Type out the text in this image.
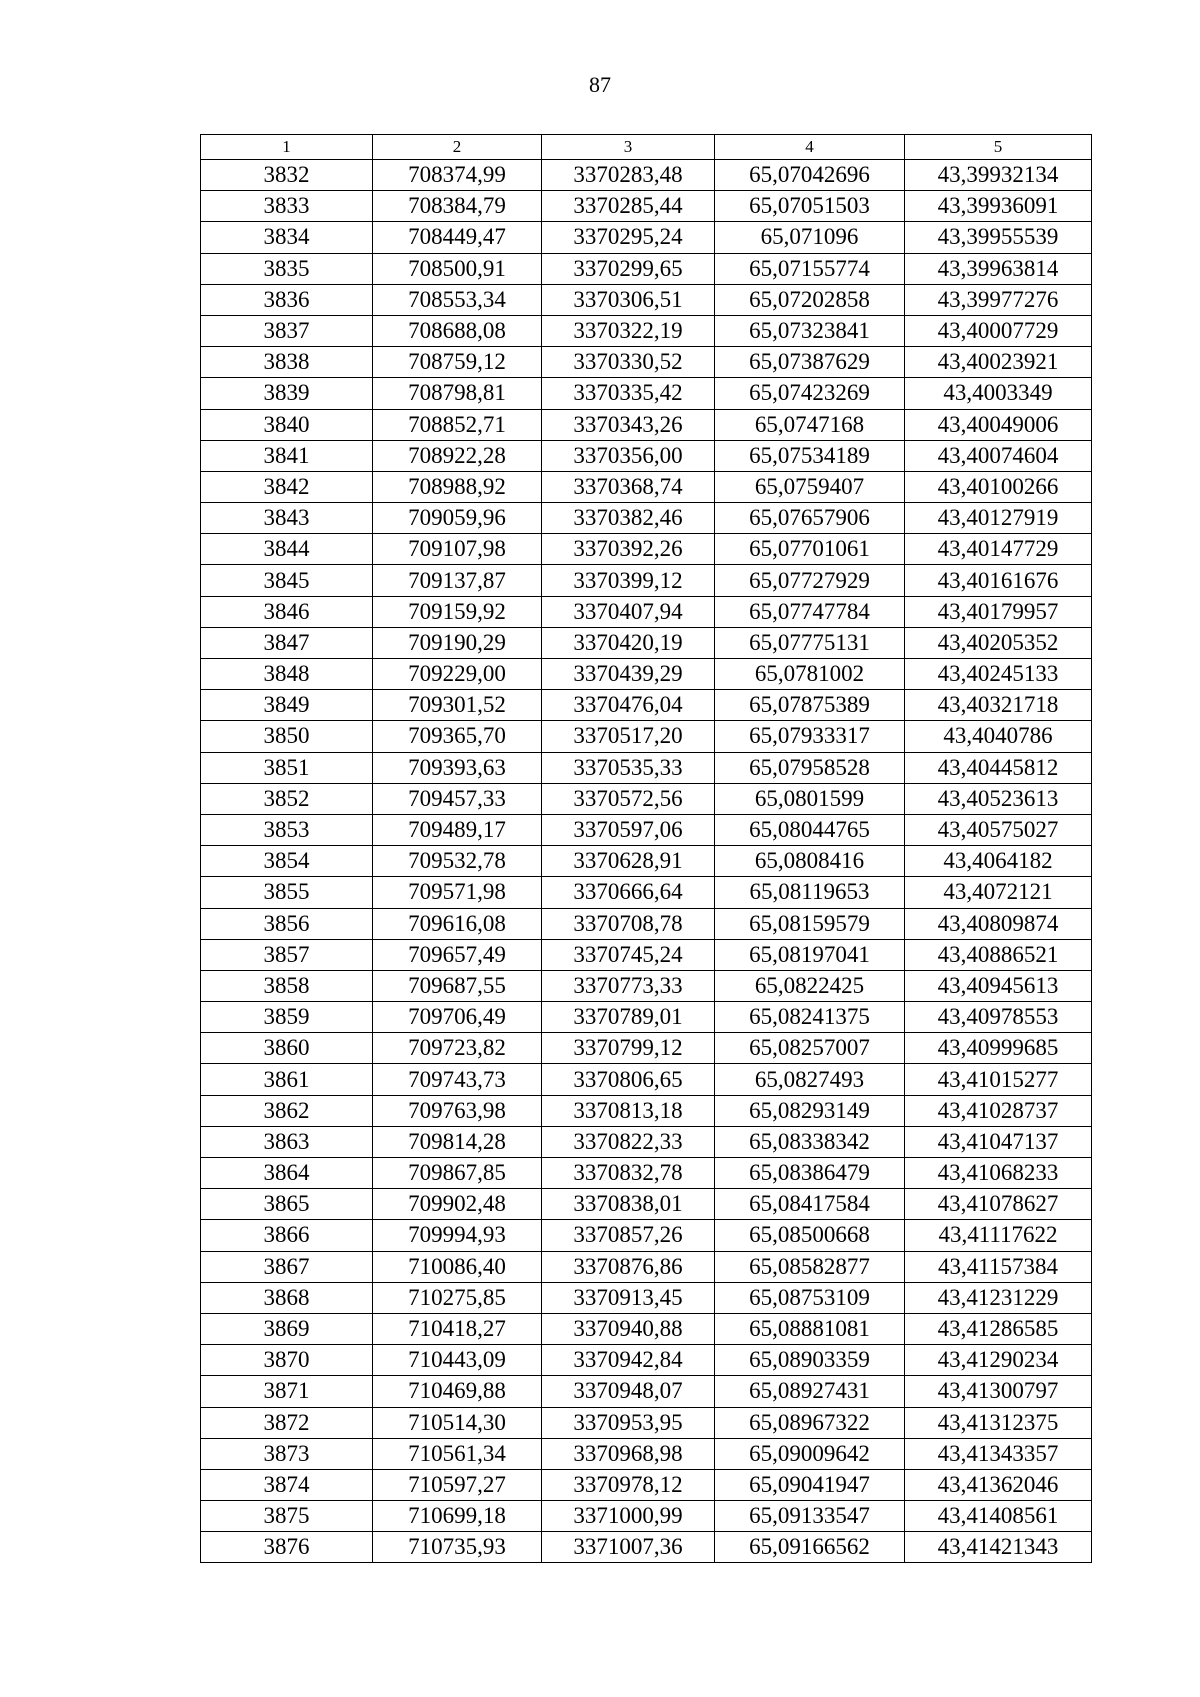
87
1	2	3	4	5
3832	708374,99	3370283,48	65,07042696	43,39932134
3833	708384,79	3370285,44	65,07051503	43,39936091
3834	708449,47	3370295,24	65,071096	43,39955539
3835	708500,91	3370299,65	65,07155774	43,39963814
3836	708553,34	3370306,51	65,07202858	43,39977276
3837	708688,08	3370322,19	65,07323841	43,40007729
3838	708759,12	3370330,52	65,07387629	43,40023921
3839	708798,81	3370335,42	65,07423269	43,4003349
3840	708852,71	3370343,26	65,0747168	43,40049006
3841	708922,28	3370356,00	65,07534189	43,40074604
3842	708988,92	3370368,74	65,0759407	43,40100266
3843	709059,96	3370382,46	65,07657906	43,40127919
3844	709107,98	3370392,26	65,07701061	43,40147729
3845	709137,87	3370399,12	65,07727929	43,40161676
3846	709159,92	3370407,94	65,07747784	43,40179957
3847	709190,29	3370420,19	65,07775131	43,40205352
3848	709229,00	3370439,29	65,0781002	43,40245133
3849	709301,52	3370476,04	65,07875389	43,40321718
3850	709365,70	3370517,20	65,07933317	43,4040786
3851	709393,63	3370535,33	65,07958528	43,40445812
3852	709457,33	3370572,56	65,0801599	43,40523613
3853	709489,17	3370597,06	65,08044765	43,40575027
3854	709532,78	3370628,91	65,0808416	43,4064182
3855	709571,98	3370666,64	65,08119653	43,4072121
3856	709616,08	3370708,78	65,08159579	43,40809874
3857	709657,49	3370745,24	65,08197041	43,40886521
3858	709687,55	3370773,33	65,0822425	43,40945613
3859	709706,49	3370789,01	65,08241375	43,40978553
3860	709723,82	3370799,12	65,08257007	43,40999685
3861	709743,73	3370806,65	65,0827493	43,41015277
3862	709763,98	3370813,18	65,08293149	43,41028737
3863	709814,28	3370822,33	65,08338342	43,41047137
3864	709867,85	3370832,78	65,08386479	43,41068233
3865	709902,48	3370838,01	65,08417584	43,41078627
3866	709994,93	3370857,26	65,08500668	43,41117622
3867	710086,40	3370876,86	65,08582877	43,41157384
3868	710275,85	3370913,45	65,08753109	43,41231229
3869	710418,27	3370940,88	65,08881081	43,41286585
3870	710443,09	3370942,84	65,08903359	43,41290234
3871	710469,88	3370948,07	65,08927431	43,41300797
3872	710514,30	3370953,95	65,08967322	43,41312375
3873	710561,34	3370968,98	65,09009642	43,41343357
3874	710597,27	3370978,12	65,09041947	43,41362046
3875	710699,18	3371000,99	65,09133547	43,41408561
3876	710735,93	3371007,36	65,09166562	43,41421343
